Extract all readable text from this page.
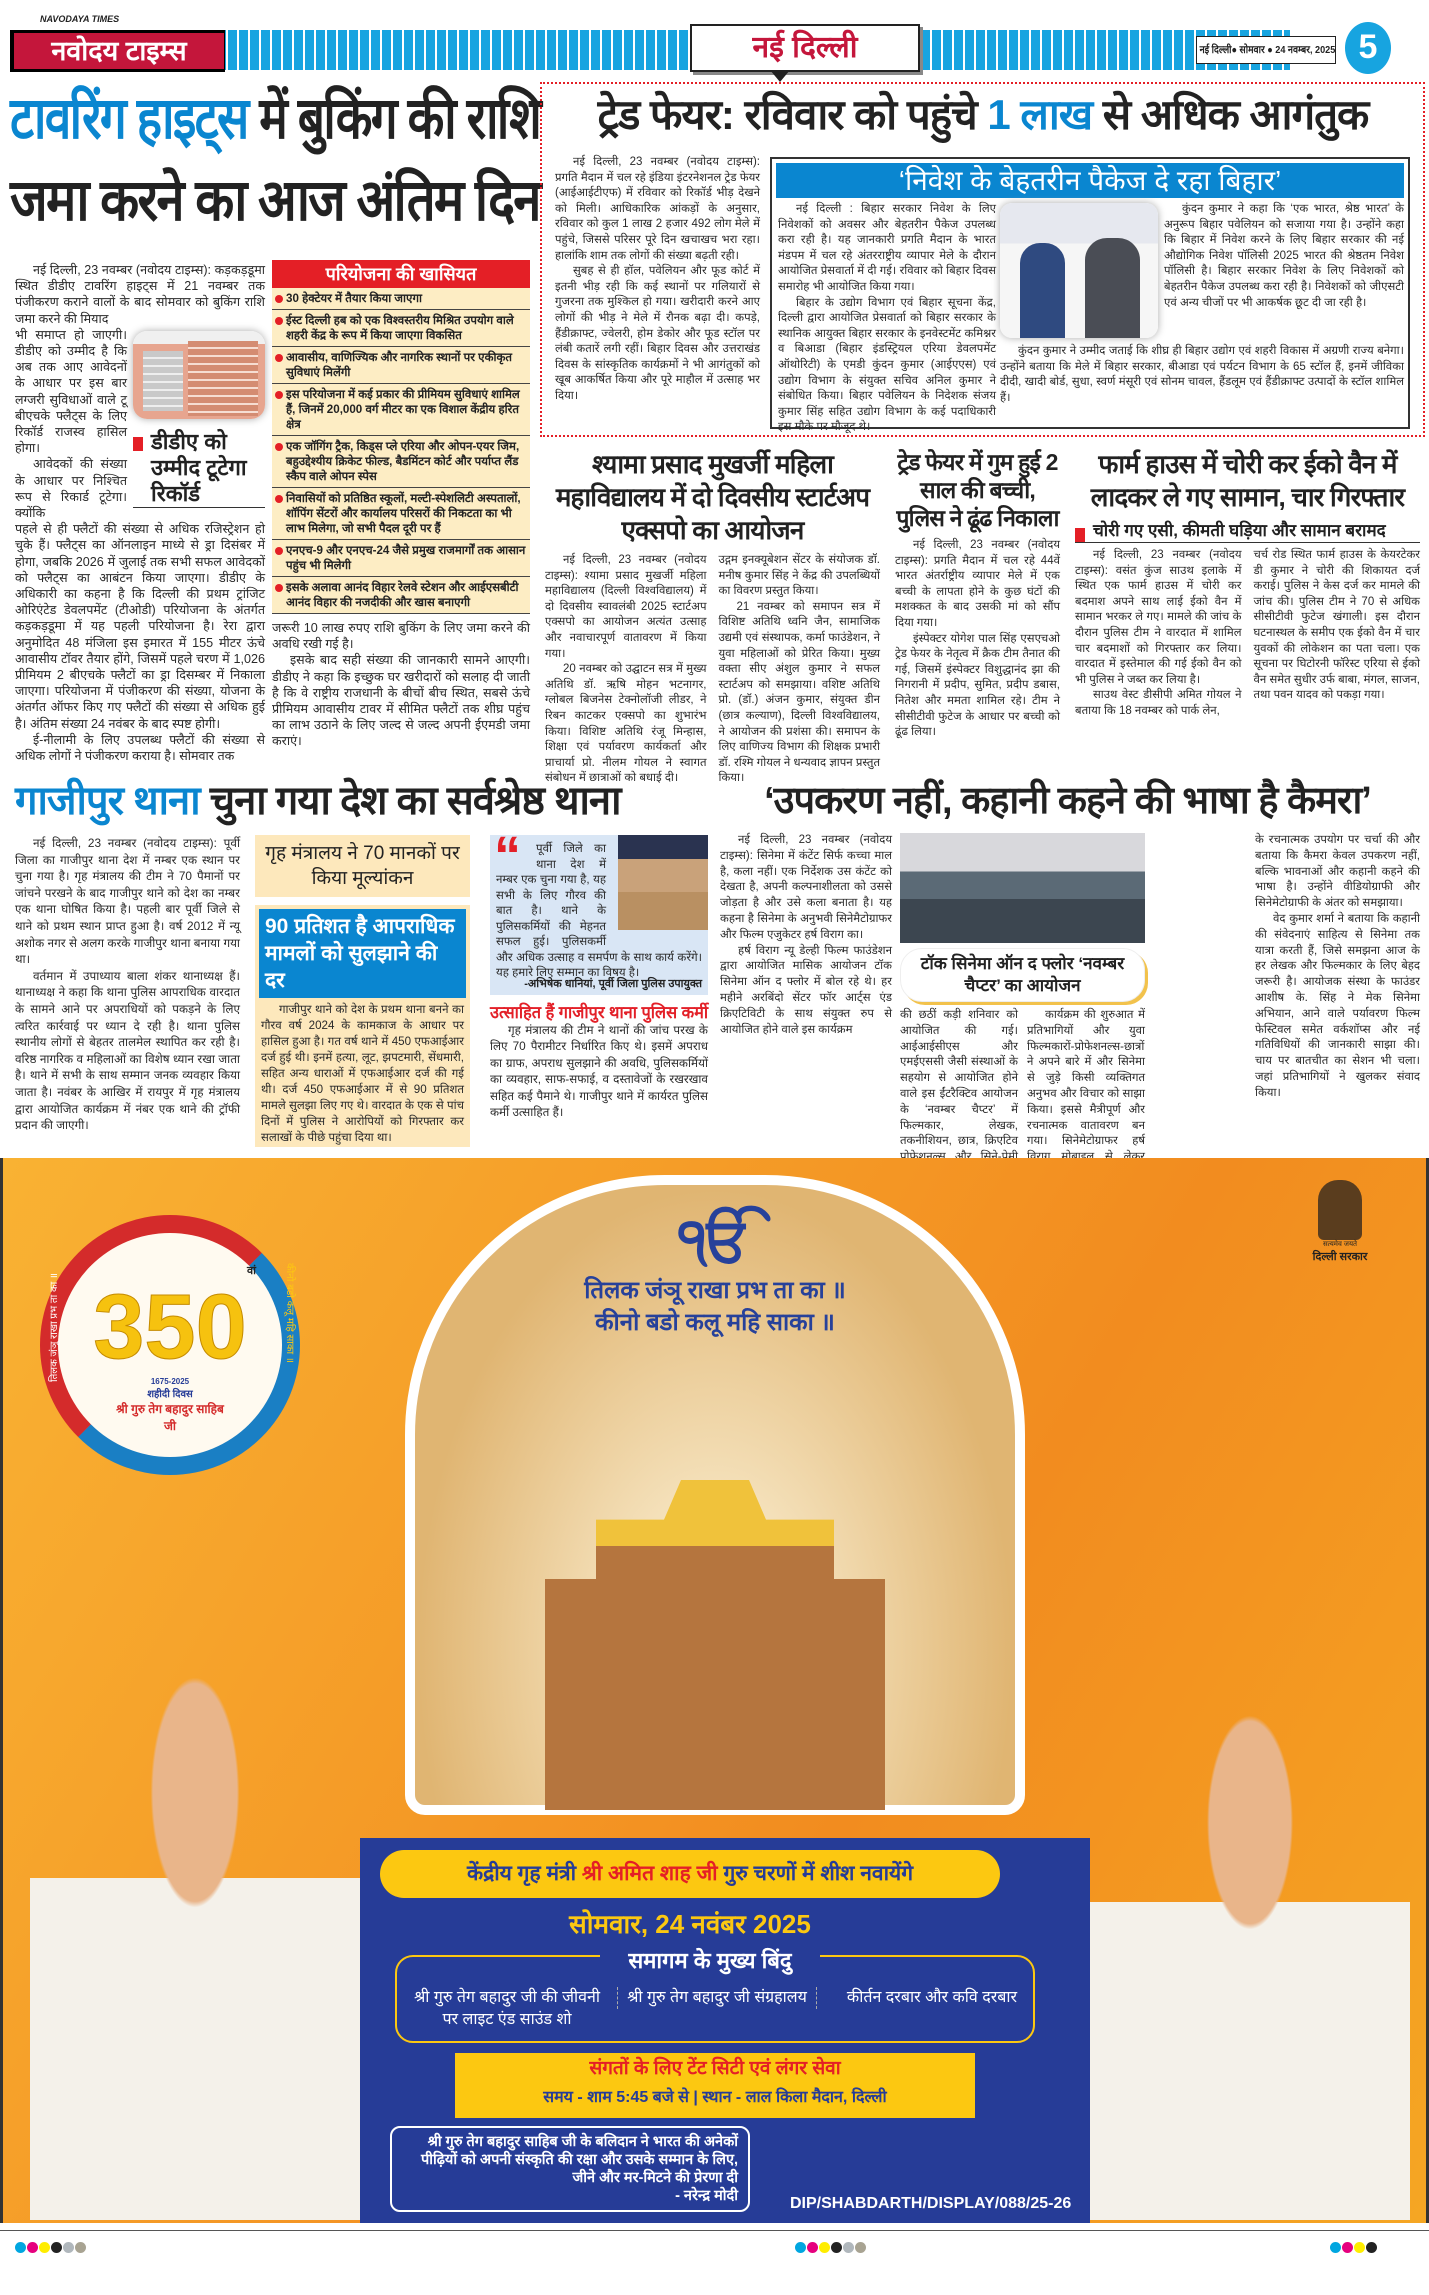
नवोदय टाइम्स
NAVODAYA TIMES
नई दिल्ली	5
नई दिल्ली● सोमवार ● 24 नवम्बर, 2025
टावरिंग हाइट्स में बुकिंग की राशि
जमा करने का आज अंतिम दिन

नई दिल्ली, 23 नवम्बर (नवोदय टाइम्स): कड़कड़डूमा स्थित डीडीए टावरिंग हाइट्स में 21 नवम्बर तक पंजीकरण कराने वालों के बाद सोमवार को बुकिंग राशि जमा करने की मियाद

भी समाप्त हो जाएगी। डीडीए को उम्मीद है कि अब तक आए आवेदनों के आधार पर इस बार लग्जरी सुविधाओं वाले टू बीएचके फ्लैट्स के लिए रिकॉर्ड राजस्व हासिल होगा।

आवेदकों की संख्या के आधार पर निश्चित रूप से रिकार्ड टूटेगा। क्योंकि

डीडीए को उम्मीद टूटेगा रिकॉर्ड

पहले से ही फ्लैटों की संख्या से अधिक रजिस्ट्रेशन हो चुके हैं। फ्लैट्स का ऑनलाइन माध्ये से ड्रा दिसंबर में होगा, जबकि 2026 में जुलाई तक सभी सफल आवेदकों को फ्लैट्स का आबंटन किया जाएगा। डीडीए के अधिकारी का कहना है कि दिल्ली की प्रथम ट्रांजिट ओरिएंटेड डेवलपमेंट (टीओडी) परियोजना के अंतर्गत कड़कड़डूमा में यह पहली परियोजना है। रेरा द्वारा अनुमोदित 48 मंजिला इस इमारत में 155 मीटर ऊंचे आवासीय टॉवर तैयार होंगे, जिसमें पहले चरण में 1,026 प्रीमियम 2 बीएचके फ्लैटों का ड्रा दिसम्बर में निकाला जाएगा। परियोजना में पंजीकरण की संख्या, योजना के अंतर्गत ऑफर किए गए फ्लैटों की संख्या से अधिक हुई है। अंतिम संख्या 24 नवंबर के बाद स्पष्ट होगी।

ई-नीलामी के लिए उपलब्ध फ्लैटों की संख्या से अधिक लोगों ने पंजीकरण कराया है। सोमवार तक

परियोजना की खासियत
30 हेक्टेयर में तैयार किया जाएगा
ईस्ट दिल्ली हब को एक विश्वस्तरीय मिश्रित उपयोग वाले शहरी केंद्र के रूप में किया जाएगा विकसित
आवासीय, वाणिज्यिक और नागरिक स्थानों पर एकीकृत सुविधाएं मिलेंगी
इस परियोजना में कई प्रकार की प्रीमियम सुविधाएं शामिल हैं, जिनमें 20,000 वर्ग मीटर का एक विशाल केंद्रीय हरित क्षेत्र
एक जॉगिंग ट्रैक, किड्स प्ले एरिया और ओपन-एयर जिम, बहुउद्देश्यीय क्रिकेट फील्ड, बैडमिंटन कोर्ट और पर्याप्त लैंड स्कैप वाले ओपन स्पेस
निवासियों को प्रतिष्ठित स्कूलों, मल्टी-स्पेशलिटी अस्पतालों, शॉपिंग सेंटरों और कार्यालय परिसरों की निकटता का भी लाभ मिलेगा, जो सभी पैदल दूरी पर हैं
एनएच-9 और एनएच-24 जैसे प्रमुख राजमार्गों तक आसान पहुंच भी मिलेगी
इसके अलावा आनंद विहार रेलवे स्टेशन और आईएसबीटी आनंद विहार की नजदीकी और खास बनाएगी

जरूरी 10 लाख रुपए राशि बुकिंग के लिए जमा करने की अवधि रखी गई है।

इसके बाद सही संख्या की जानकारी सामने आएगी। डीडीए ने कहा कि इच्छुक घर खरीदारों को सलाह दी जाती है कि वे राष्ट्रीय राजधानी के बीचों बीच स्थित, सबसे ऊंचे प्रीमियम आवासीय टावर में सीमित फ्लैटों तक शीघ्र पहुंच का लाभ उठाने के लिए जल्द से जल्द अपनी ईएमडी जमा कराएं।

ट्रेड फेयर: रविवार को पहुंचे 1 लाख से अधिक आगंतुक

नई दिल्ली, 23 नवम्बर (नवोदय टाइम्स): प्रगति मैदान में चल रहे इंडिया इंटरनेशनल ट्रेड फेयर (आईआईटीएफ) में रविवार को रिकॉर्ड भीड़ देखने को मिली। आधिकारिक आंकड़ों के अनुसार, रविवार को कुल 1 लाख 2 हजार 492 लोग मेले में पहुंचे, जिससे परिसर पूरे दिन खचाखच भरा रहा। हालांकि शाम तक लोगों की संख्या बढ़ती रही।

सुबह से ही हॉल, पवेलियन और फूड कोर्ट में इतनी भीड़ रही कि कई स्थानों पर गलियारों से गुजरना तक मुश्किल हो गया। खरीदारी करने आए लोगों की भीड़ ने मेले में रौनक बढ़ा दी। कपड़े, हैंडीक्राफ्ट, ज्वेलरी, होम डेकोर और फूड स्टॉल पर लंबी कतारें लगी रहीं। बिहार दिवस और उत्तराखंड दिवस के सांस्कृतिक कार्यक्रमों ने भी आगंतुकों को खूब आकर्षित किया और पूरे माहौल में उत्साह भर दिया।

‘निवेश के बेहतरीन पैकेज दे रहा बिहार’

नई दिल्ली : बिहार सरकार निवेश के लिए निवेशकों को अवसर और बेहतरीन पैकेज उपलब्ध करा रही है। यह जानकारी प्रगति मैदान के भारत मंडपम में चल रहे अंतरराष्ट्रीय व्यापार मेले के दौरान आयोजित प्रेसवार्ता में दी गई। रविवार को बिहार दिवस समारोह भी आयोजित किया गया।

बिहार के उद्योग विभाग एवं बिहार सूचना केंद्र, दिल्ली द्वारा आयोजित प्रेसवार्ता को बिहार सरकार के स्थानिक आयुक्त बिहार सरकार के इनवेस्टमेंट कमिश्नर व बिआडा (बिहार इंडस्ट्रियल एरिया डेवलपमेंट ऑथोरिटी) के एमडी कुंदन कुमार (आईएएस) एवं उद्योग विभाग के संयुक्त सचिव अनिल कुमार ने संबोधित किया। बिहार पवेलियन के निदेशक संजय कुमार सिंह सहित उद्योग विभाग के कई पदाधिकारी इस मौके पर मौजूद थे।

कुंदन कुमार ने कहा कि ‘एक भारत, श्रेष्ठ भारत’ के अनुरूप बिहार पवेलियन को सजाया गया है। उन्होंने कहा कि बिहार में निवेश करने के लिए बिहार सरकार की नई औद्योगिक निवेश पॉलिसी 2025 भारत की श्रेष्ठतम निवेश पॉलिसी है। बिहार सरकार निवेश के लिए निवेशकों को बेहतरीन पैकेज उपलब्ध करा रही है। निवेशकों को जीएसटी एवं अन्य चीजों पर भी आकर्षक छूट दी जा रही है।

कुंदन कुमार ने उम्मीद जताई कि शीघ्र ही बिहार उद्योग एवं शहरी विकास में अग्रणी राज्य बनेगा। उन्होंने बताया कि मेले में बिहार सरकार, बीआडा एवं पर्यटन विभाग के 65 स्टॉल हैं, इनमें जीविका दीदी, खादी बोर्ड, सुधा, स्वर्ण मंसूरी एवं सोनम चावल, हैंडलूम एवं हैंडीक्राफ्ट उत्पादों के स्टॉल शामिल हैं।

श्यामा प्रसाद मुखर्जी महिला महाविद्यालय में दो दिवसीय स्टार्टअप एक्सपो का आयोजन

नई दिल्ली, 23 नवम्बर (नवोदय टाइम्स): श्यामा प्रसाद मुखर्जी महिला महाविद्यालय (दिल्ली विश्वविद्यालय) में दो दिवसीय स्वावलंबी 2025 स्टार्टअप एक्सपो का आयोजन अत्यंत उत्साह और नवाचारपूर्ण वातावरण में किया गया।

20 नवम्बर को उद्घाटन सत्र में मुख्य अतिथि डॉ. ऋषि मोहन भटनागर, ग्लोबल बिजनेस टेक्नोलॉजी लीडर, ने रिबन काटकर एक्सपो का शुभारंभ किया। विशिष्ट अतिथि रंजू मिन्हास, शिक्षा एवं पर्यावरण कार्यकर्ता और प्राचार्या प्रो. नीलम गोयल ने स्वागत संबोधन में छात्राओं को बधाई दी।

उद्गम इनक्यूबेशन सेंटर के संयोजक डॉ. मनीष कुमार सिंह ने केंद्र की उपलब्धियों का विवरण प्रस्तुत किया।

21 नवम्बर को समापन सत्र में विशिष्ट अतिथि ध्वनि जैन, सामाजिक उद्यमी एवं संस्थापक, कर्मा फाउंडेशन, ने युवा महिलाओं को प्रेरित किया। मुख्य वक्ता सीए अंशुल कुमार ने सफल स्टार्टअप को समझाया। वशिष्ट अतिथि प्रो. (डॉ.) अंजन कुमार, संयुक्त डीन (छात्र कल्याण), दिल्ली विश्वविद्यालय, ने आयोजन की प्रशंसा की। समापन के लिए वाणिज्य विभाग की शिक्षक प्रभारी डॉ. रश्मि गोयल ने धन्यवाद ज्ञापन प्रस्तुत किया।

ट्रेड फेयर में गुम हुई 2 साल की बच्ची, पुलिस ने ढूंढ निकाला

नई दिल्ली, 23 नवम्बर (नवोदय टाइम्स): प्रगति मैदान में चल रहे 44वें भारत अंतर्राष्ट्रीय व्यापार मेले में एक बच्ची के लापता होने के कुछ घंटों की मशक्कत के बाद उसकी मां को सौंप दिया गया।

इंस्पेक्टर योगेश पाल सिंह एसएचओ ट्रेड फेयर के नेतृत्व में क्रैक टीम तैनात की गई, जिसमें इंस्पेक्टर विशुद्धानंद झा की निगरानी में प्रदीप, सुमित, प्रदीप डबास, नितेश और ममता शामिल रहे। टीम ने सीसीटीवी फुटेज के आधार पर बच्ची को ढूंढ लिया।

फार्म हाउस में चोरी कर ईको वैन में लादकर ले गए सामान, चार गिरफ्तार
चोरी गए एसी, कीमती घड़िया और सामान बरामद

नई दिल्ली, 23 नवम्बर (नवोदय टाइम्स): वसंत कुंज साउथ इलाके में स्थित एक फार्म हाउस में चोरी कर बदमाश अपने साथ लाई ईको वैन में सामान भरकर ले गए। मामले की जांच के दौरान पुलिस टीम ने वारदात में शामिल चार बदमाशों को गिरफ्तार कर लिया। वारदात में इस्तेमाल की गई ईको वैन को भी पुलिस ने जब्त कर लिया है।

साउथ वेस्ट डीसीपी अमित गोयल ने बताया कि 18 नवम्बर को पार्क लेन,

चर्च रोड स्थित फार्म हाउस के केयरटेकर डी कुमार ने चोरी की शिकायत दर्ज कराई। पुलिस ने केस दर्ज कर मामले की जांच की। पुलिस टीम ने 70 से अधिक सीसीटीवी फुटेज खंगाली। इस दौरान घटनास्थल के समीप एक ईको वैन में चार युवकों की लोकेशन का पता चला। एक सूचना पर घिटोरनी फॉरेस्ट एरिया से ईको वैन समेत सुधीर उर्फ बाबा, मंगल, साजन, तथा पवन यादव को पकड़ा गया।

गाजीपुर थाना चुना गया देश का सर्वश्रेष्ठ थाना

नई दिल्ली, 23 नवम्बर (नवोदय टाइम्स): पूर्वी जिला का गाजीपुर थाना देश में नम्बर एक स्थान पर चुना गया है। गृह मंत्रालय की टीम ने 70 पैमानों पर जांचने परखने के बाद गाजीपुर थाने को देश का नम्बर एक थाना घोषित किया है। पहली बार पूर्वी जिले से थाने को प्रथम स्थान प्राप्त हुआ है। वर्ष 2012 में न्यू अशोक नगर से अलग करके गाजीपुर थाना बनाया गया था।

वर्तमान में उपाध्याय बाला शंकर थानाध्यक्ष हैं। थानाध्यक्ष ने कहा कि थाना पुलिस आपराधिक वारदात के सामने आने पर अपराधियों को पकड़ने के लिए त्वरित कार्रवाई पर ध्यान दे रही है। थाना पुलिस स्थानीय लोगों से बेहतर तालमेल स्थापित कर रही है। वरिष्ठ नागरिक व महिलाओं का विशेष ध्यान रखा जाता है। थाने में सभी के साथ सम्मान जनक व्यवहार किया जाता है। नवंबर के आखिर में रायपुर में गृह मंत्रालय द्वारा आयोजित कार्यक्रम में नंबर एक थाने की ट्रॉफी प्रदान की जाएगी।

गृह मंत्रालय ने 70 मानकों पर किया मूल्यांकन
90 प्रतिशत है आपराधिक मामलों को सुलझाने की दर

गाजीपुर थाने को देश के प्रथम थाना बनने का गौरव वर्ष 2024 के कामकाज के आधार पर हासिल हुआ है। गत वर्ष थाने में 450 एफआईआर दर्ज हुई थी। इनमें हत्या, लूट, झपटमारी, सेंधमारी, सहित अन्य धाराओं में एफआईआर दर्ज की गई थी। दर्ज 450 एफआईआर में से 90 प्रतिशत मामले सुलझा लिए गए थे। वारदात के एक से पांच दिनों में पुलिस ने आरोपियों को गिरफ्तार कर सलाखों के पीछे पहुंचा दिया था।

“	पूर्वी जिले का थाना देश में नम्बर एक चुना गया है, यह सभी के लिए गौरव की बात है। थाने के पुलिसकर्मियों की मेहनत सफल हुई। पुलिसकर्मी और अधिक उत्साह व समर्पण के साथ कार्य करेंगे। यह हमारे लिए सम्मान का विषय है।
-अभिषेक धानियां, पूर्वी जिला पुलिस उपायुक्त
उत्साहित हैं गाजीपुर थाना पुलिस कर्मी

गृह मंत्रालय की टीम ने थानों की जांच परख के लिए 70 पैरामीटर निर्धारित किए थे। इसमें अपराध का ग्राफ, अपराध सुलझाने की अवधि, पुलिसकर्मियों का व्यवहार, साफ-सफाई, व दस्तावेजों के रखरखाव सहित कई पैमाने थे। गाजीपुर थाने में कार्यरत पुलिस कर्मी उत्साहित हैं।

‘उपकरण नहीं, कहानी कहने की भाषा है कैमरा’

नई दिल्ली, 23 नवम्बर (नवोदय टाइम्स): सिनेमा में कंटेंट सिर्फ कच्चा माल है, कला नहीं। एक निर्देशक उस कंटेंट को देखता है, अपनी कल्पनाशीलता को उससे जोड़ता है और उसे कला बनाता है। यह कहना है सिनेमा के अनुभवी सिनेमैटोग्राफर और फिल्म एजुकेटर हर्ष विराग का।

हर्ष विराग न्यू डेल्ही फिल्म फाउंडेशन द्वारा आयोजित मासिक आयोजन टॉक सिनेमा ऑन द फ्लोर में बोल रहे थे। हर महीने अरबिंदो सेंटर फॉर आर्ट्स एंड क्रिएटिविटी के साथ संयुक्त रुप से आयोजित होने वाले इस कार्यक्रम

टॉक सिनेमा ऑन द फ्लोर ‘नवम्बर चैप्टर’ का आयोजन

की छठीं कड़ी शनिवार को आयोजित की गई। आईआईसीएस और एमईएससी जैसी संस्थाओं के सहयोग से आयोजित होने वाले इस ईंटरैक्टिव आयोजन के ‘नवम्बर चैप्टर’ में फिल्मकार, लेखक, तकनीशियन, छात्र, क्रिएटिव

कार्यक्रम की शुरुआत में प्रतिभागियों और युवा फिल्मकारों-प्रोफेशनल्स-छात्रों ने अपने बारे में और सिनेमा से जुड़े किसी व्यक्तिगत अनुभव और विचार को साझा किया। इससे मैत्रीपूर्ण और रचनात्मक वातावरण बन गया। सिनेमेटोग्राफर हर्ष

के रचनात्मक उपयोग पर चर्चा की और बताया कि कैमरा केवल उपकरण नहीं, बल्कि भावनाओं और कहानी कहने की भाषा है। उन्होंने वीडियोग्राफी और सिनेमेटोग्राफी के अंतर को समझाया।

वेद कुमार शर्मा ने बताया कि कहानी की संवेदनाएं साहित्य से सिनेमा तक यात्रा करती हैं, जिसे समझना आज के हर लेखक और फिल्मकार के लिए बेहद जरूरी है। आयोजक संस्था के फाउंडर आशीष के. सिंह ने मेक सिनेमा अभियान, आने वाले पर्यावरण फिल्म फेस्टिवल समेत वर्कशॉप्स और नई गतिविधियों की जानकारी साझा की। चाय पर बातचीत का सेशन भी चला। जहां प्रतिभागियों ने खुलकर संवाद किया।

तिलक जंञू राखा प्रभ ता का ॥	कीनो बडो कलू महि साका ॥
वां
350
1675-2025
शहीदी दिवस
श्री गुरु तेग बहादुर साहिब जी
ੴ
तिलक जंञू राखा प्रभ ता का ॥
कीनो बडो कलू महि साका ॥
सत्यमेव जयते
दिल्ली सरकार
केंद्रीय गृह मंत्री श्री अमित शाह जी गुरु चरणों में शीश नवायेंगे
सोमवार, 24 नवंबर 2025
श्री गुरु तेग बहादुर जी की जीवनी पर लाइट एंड साउंड शो
श्री गुरु तेग बहादुर जी संग्रहालय	कीर्तन दरबार और कवि दरबार
समागम के मुख्य बिंदु
संगतों के लिए टेंट सिटी एवं लंगर सेवा
समय - शाम 5:45 बजे से | स्थान - लाल किला मैदान, दिल्ली
श्री गुरु तेग बहादुर साहिब जी के बलिदान ने भारत की अनेकों पीढ़ियों को अपनी संस्कृति की रक्षा और उसके सम्मान के लिए, जीने और मर-मिटने की प्रेरणा दी
- नरेन्द्र मोदी	DIP/SHABDARTH/DISPLAY/088/25-26
